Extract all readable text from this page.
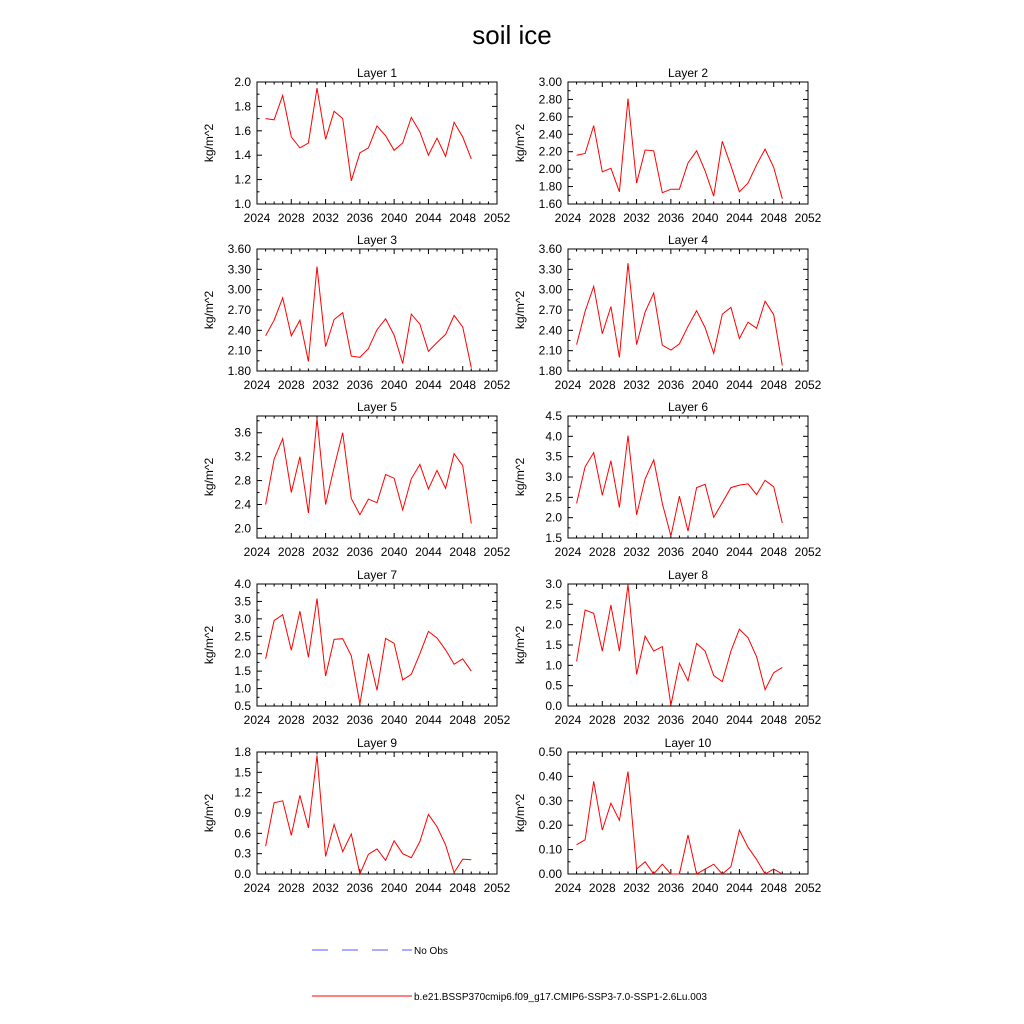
soil ice
Layer 1
2024 2028 2032 2036 2040 2044 2048 2052
1.0
1.2
1.4
1.6
1.8
2.0
kg/m^2
Layer 2
2024 2028 2032 2036 2040 2044 2048 2052
1.60
1.80
2.00
2.20
2.40
2.60
2.80
3.00
kg/m^2
Layer 3
2024 2028 2032 2036 2040 2044 2048 2052
1.80
2.10
2.40
2.70
3.00
3.30
3.60
kg/m^2
Layer 4
2024 2028 2032 2036 2040 2044 2048 2052
1.80
2.10
2.40
2.70
3.00
3.30
3.60
kg/m^2
Layer 5
2024 2028 2032 2036 2040 2044 2048 2052
2.0
2.4
2.8
3.2
3.6
kg/m^2
Layer 6
2024 2028 2032 2036 2040 2044 2048 2052
1.5
2.0
2.5
3.0
3.5
4.0
4.5
kg/m^2
Layer 7
2024 2028 2032 2036 2040 2044 2048 2052
0.5
1.0
1.5
2.0
2.5
3.0
3.5
4.0
kg/m^2
Layer 8
2024 2028 2032 2036 2040 2044 2048 2052
0.0
0.5
1.0
1.5
2.0
2.5
3.0
kg/m^2
Layer 9
2024 2028 2032 2036 2040 2044 2048 2052
0.0
0.3
0.6
0.9
1.2
1.5
1.8
kg/m^2
Layer 10
2024 2028 2032 2036 2040 2044 2048 2052
0.00
0.10
0.20
0.30
0.40
0.50
kg/m^2
No Obs
b.e21.BSSP370cmip6.f09_g17.CMIP6-SSP3-7.0-SSP1-2.6Lu.003
